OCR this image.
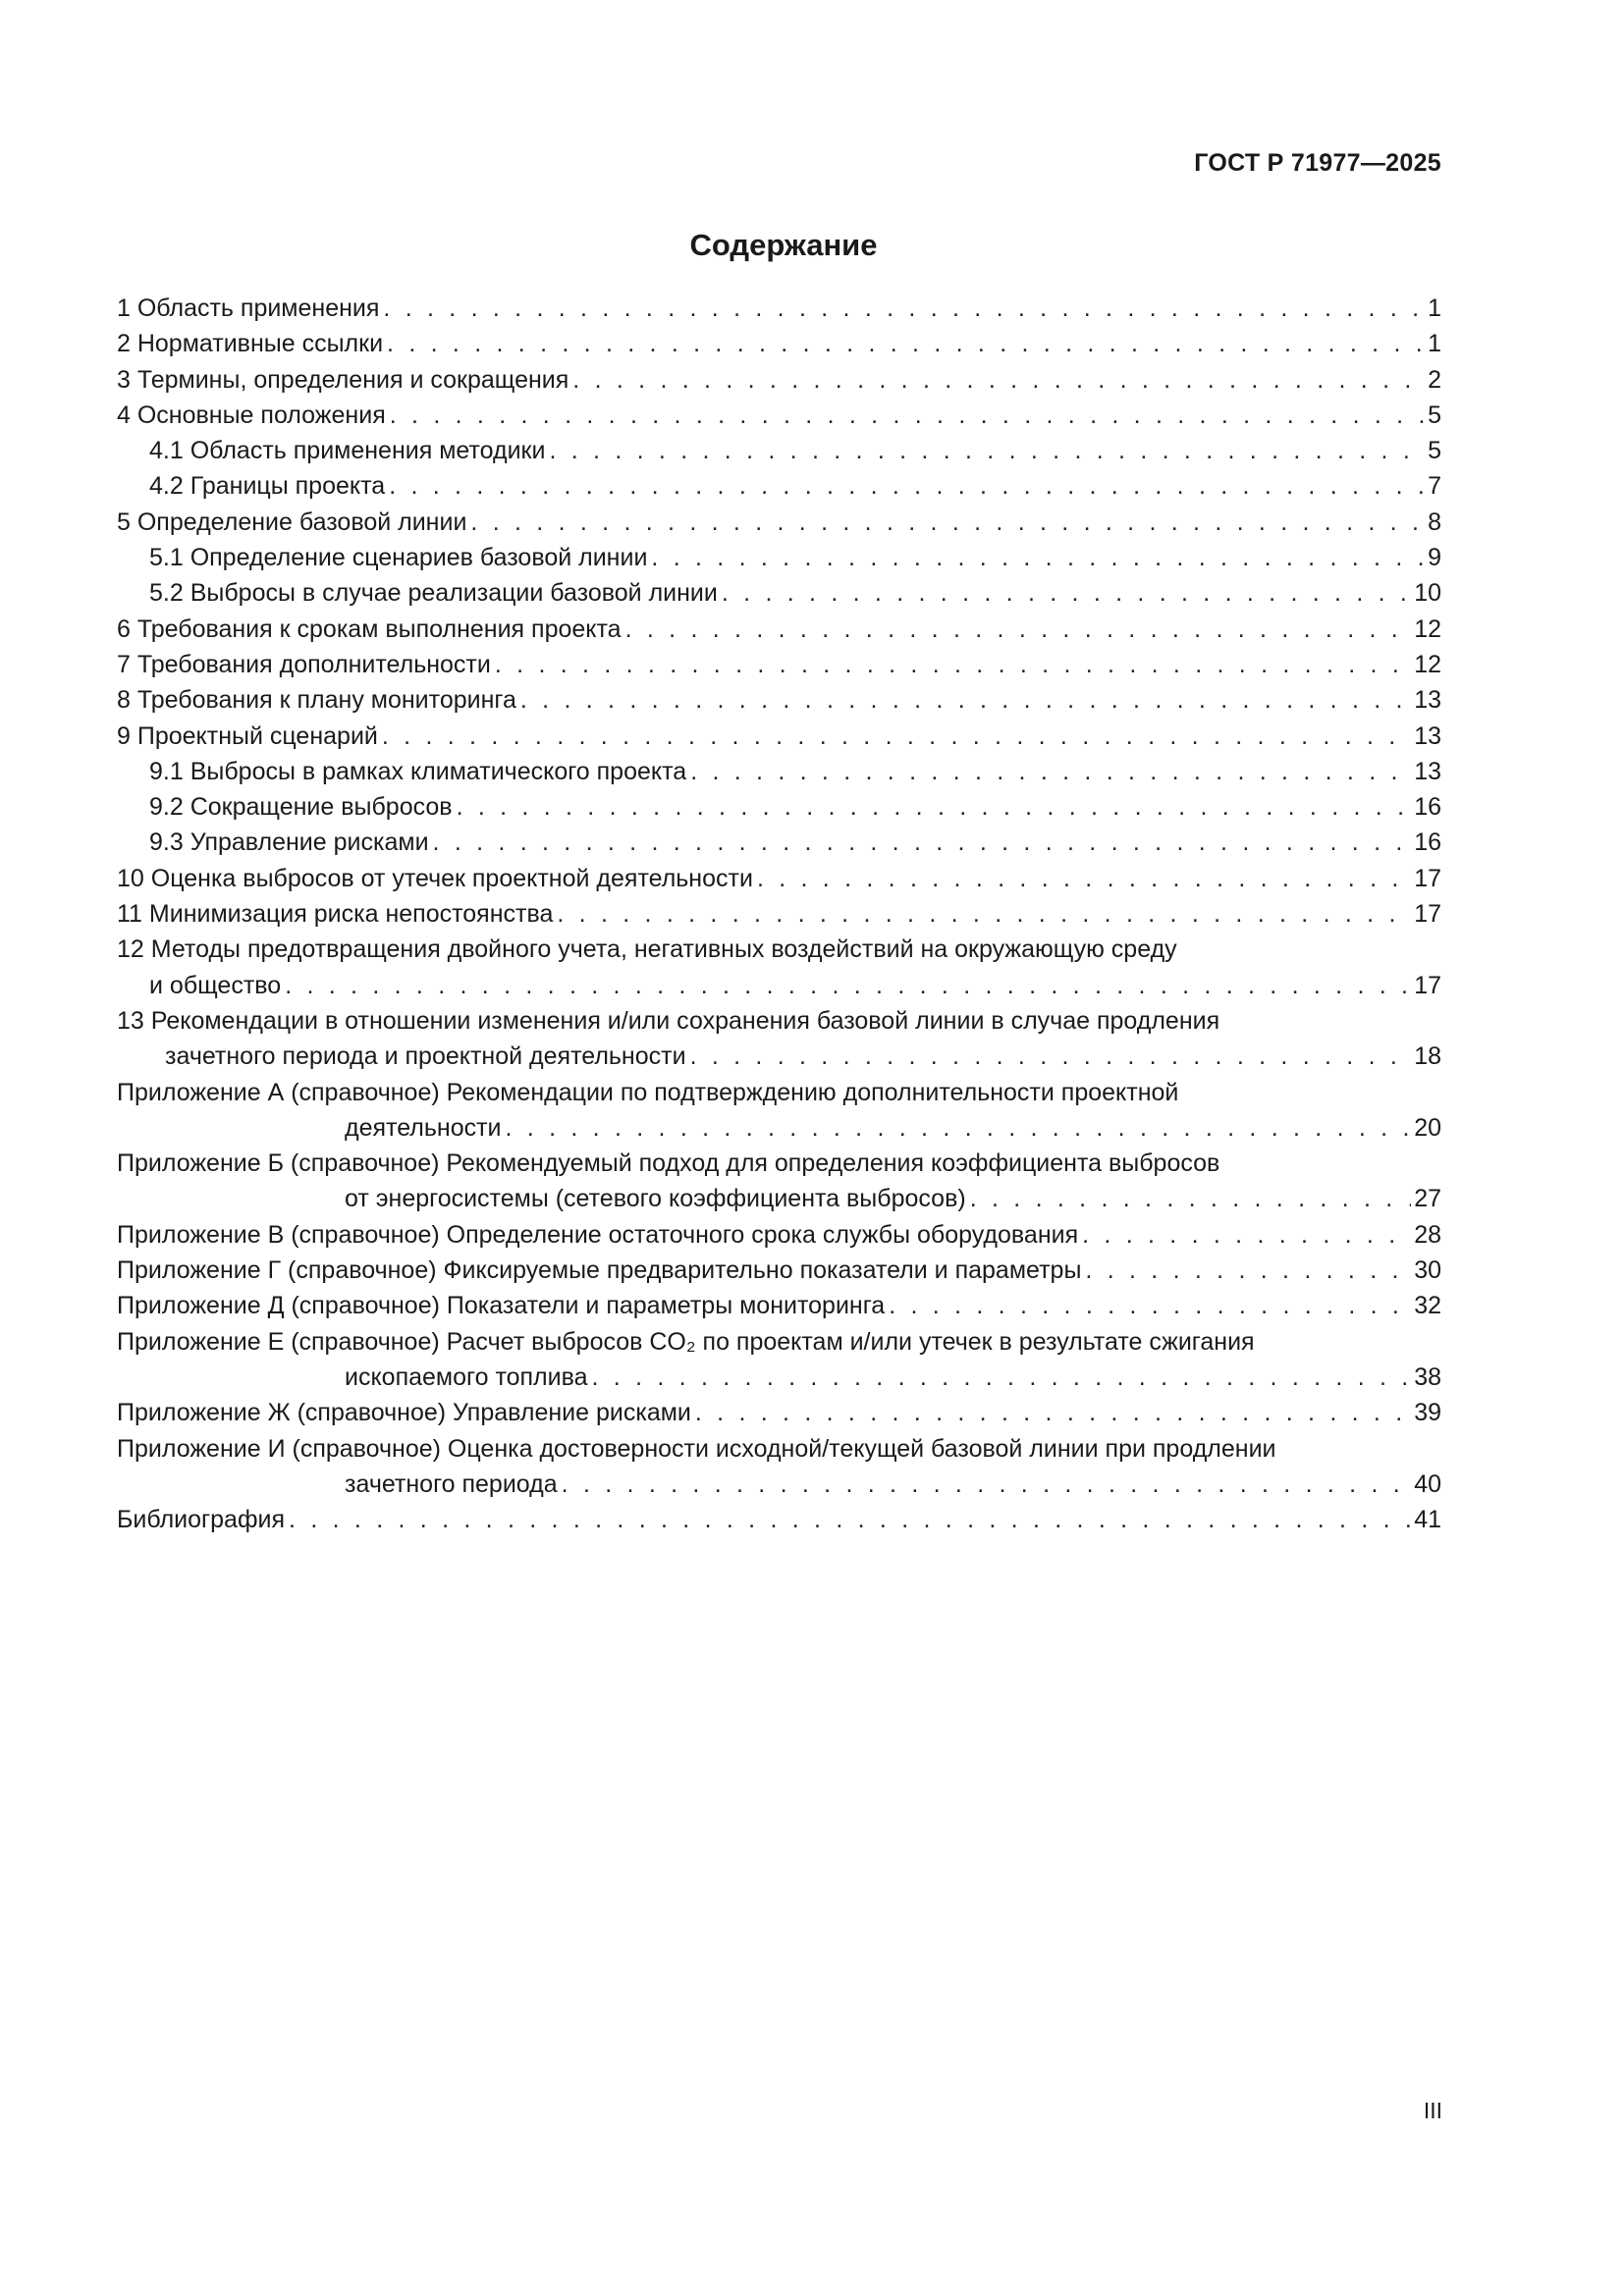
ГОСТ Р 71977—2025
Содержание
1 Область применения . . .	1
2 Нормативные ссылки . . .	1
3 Термины, определения и сокращения . . .	2
4 Основные положения . . .	5
4.1 Область применения методики . . .	5
4.2 Границы проекта . . .	7
5 Определение базовой линии . . .	8
5.1 Определение сценариев базовой линии . . .	9
5.2 Выбросы в случае реализации базовой линии . . .	10
6 Требования к срокам выполнения проекта . . .	12
7 Требования дополнительности . . .	12
8 Требования к плану мониторинга . . .	13
9 Проектный сценарий . . .	13
9.1 Выбросы в рамках климатического проекта . . .	13
9.2 Сокращение выбросов . . .	16
9.3 Управление рисками . . .	16
10 Оценка выбросов от утечек проектной деятельности . . .	17
11 Минимизация риска непостоянства . . .	17
12 Методы предотвращения двойного учета, негативных воздействий на окружающую среду
и общество . . .	17
13 Рекомендации в отношении изменения и/или сохранения базовой линии в случае продления
зачетного периода и проектной деятельности . . .	18
Приложение А (справочное) Рекомендации по подтверждению дополнительности проектной
деятельности . . .	20
Приложение Б (справочное) Рекомендуемый подход для определения коэффициента выбросов
от энергосистемы (сетевого коэффициента выбросов) . . .	27
Приложение В (справочное) Определение остаточного срока службы оборудования . . .	28
Приложение Г (справочное) Фиксируемые предварительно показатели и параметры . . .	30
Приложение Д (справочное) Показатели и параметры мониторинга . . .	32
Приложение Е (справочное) Расчет выбросов CO₂ по проектам и/или утечек в результате сжигания
ископаемого топлива . . .	38
Приложение Ж (справочное) Управление рисками . . .	39
Приложение И (справочное) Оценка достоверности исходной/текущей базовой линии при продлении
зачетного периода . . .	40
Библиография . . .	41
III
